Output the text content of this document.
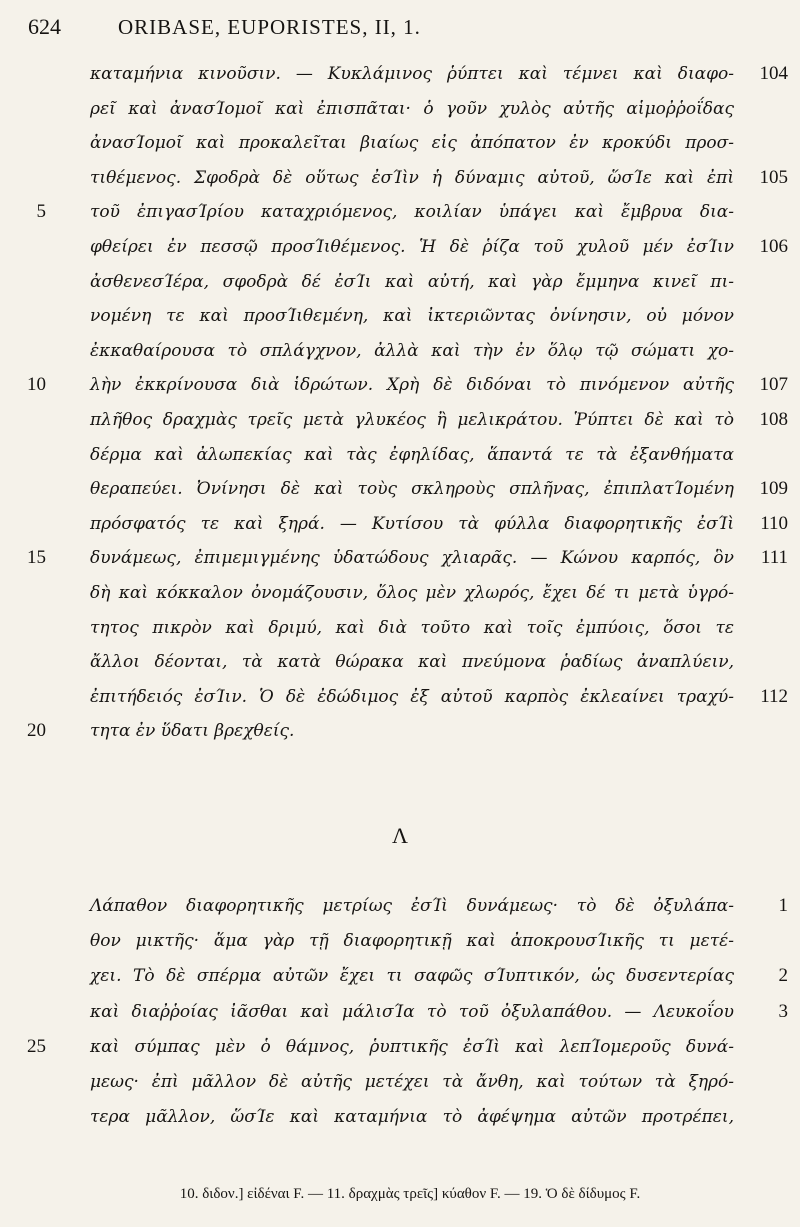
624	ORIBASE, EUPORISTES, II, 1.
καταμήνια κινοῦσιν. — Κυκλάμινος ῥύπτει καὶ τέμνει καὶ διαφο-	104
ρεῖ καὶ ἀνασΊομοῖ καὶ ἐπισπᾶται· ὁ γοῦν χυλὸς αὐτῆς αἱμοῤῥοΐδας
ἀνασΊομοῖ καὶ προκαλεῖται βιαίως εἰς ἀπόπατον ἐν κροκύδι προσ-
τιθέμενος. Σφοδρὰ δὲ οὕτως ἐσΊὶν ἡ δύναμις αὐτοῦ, ὥσΊε καὶ ἐπὶ	105
τοῦ ἐπιγασΊρίου καταχριόμενος, κοιλίαν ὑπάγει καὶ ἔμβρυα δια-
5
φθείρει ἐν πεσσῷ προσΊιθέμενος. Ἡ δὲ ῥίζα τοῦ χυλοῦ μέν ἐσΊιν	106
ἀσθενεσΊέρα, σφοδρὰ δέ ἐσΊι καὶ αὐτή, καὶ γὰρ ἔμμηνα κινεῖ πι-
νομένη τε καὶ προσΊιθεμένη, καὶ ἰκτεριῶντας ὀνίνησιν, οὐ μόνον
ἐκκαθαίρουσα τὸ σπλάγχνον, ἀλλὰ καὶ τὴν ἐν ὅλῳ τῷ σώματι χο-
λὴν ἐκκρίνουσα διὰ ἱδρώτων. Χρὴ δὲ διδόναι τὸ πινόμενον αὐτῆς
10	107
πλῆθος δραχμὰς τρεῖς μετὰ γλυκέος ἢ μελικράτου. Ῥύπτει δὲ καὶ τὸ	108
δέρμα καὶ ἀλωπεκίας καὶ τὰς ἐφηλίδας, ἅπαντά τε τὰ ἐξανθήματα
θεραπεύει. Ὀνίνησι δὲ καὶ τοὺς σκληροὺς σπλῆνας, ἐπιπλατΊομένη	109
πρόσφατός τε καὶ ξηρά. — Κυτίσου τὰ φύλλα διαφορητικῆς ἐσΊὶ	110
δυνάμεως, ἐπιμεμιγμένης ὑδατώδους χλιαρᾶς. — Κώνου καρπός, ὃν
15	111
δὴ καὶ κόκκαλον ὀνομάζουσιν, ὅλος μὲν χλωρός, ἔχει δέ τι μετὰ ὑγρό-
τητος πικρὸν καὶ δριμύ, καὶ διὰ τοῦτο καὶ τοῖς ἐμπύοις, ὅσοι τε
ἄλλοι δέονται, τὰ κατὰ θώρακα καὶ πνεύμονα ῥαδίως ἀναπλύειν,
ἐπιτήδειός ἐσΊιν. Ὁ δὲ ἐδώδιμος ἐξ αὐτοῦ καρπὸς ἐκλεαίνει τραχύ-	112
τητα ἐν ὕδατι βρεχθείς.
20
Λ
Λάπαθον διαφορητικῆς μετρίως ἐσΊὶ δυνάμεως· τὸ δὲ ὀξυλάπα-	1
θον μικτῆς· ἅμα γὰρ τῇ διαφορητικῇ καὶ ἀποκρουσΊικῆς τι μετέ-
χει. Τὸ δὲ σπέρμα αὐτῶν ἔχει τι σαφῶς σΊυπτικόν, ὡς δυσεντερίας	2
καὶ διαῤῥοίας ἰᾶσθαι καὶ μάλισΊα τὸ τοῦ ὀξυλαπάθου. — Λευκοΐου	3
καὶ σύμπας μὲν ὁ θάμνος, ῥυπτικῆς ἐσΊὶ καὶ λεπΊομεροῦς δυνά-
25
μεως· ἐπὶ μᾶλλον δὲ αὐτῆς μετέχει τὰ ἄνθη, καὶ τούτων τὰ ξηρό-
τερα μᾶλλον, ὥσΊε καὶ καταμήνια τὸ ἀφέψημα αὐτῶν προτρέπει,
10. διδον.] εἰδέναι F. — 11. δραχμὰς τρεῖς] κύαθον F. — 19. Ὁ δὲ δίδυμος F.
